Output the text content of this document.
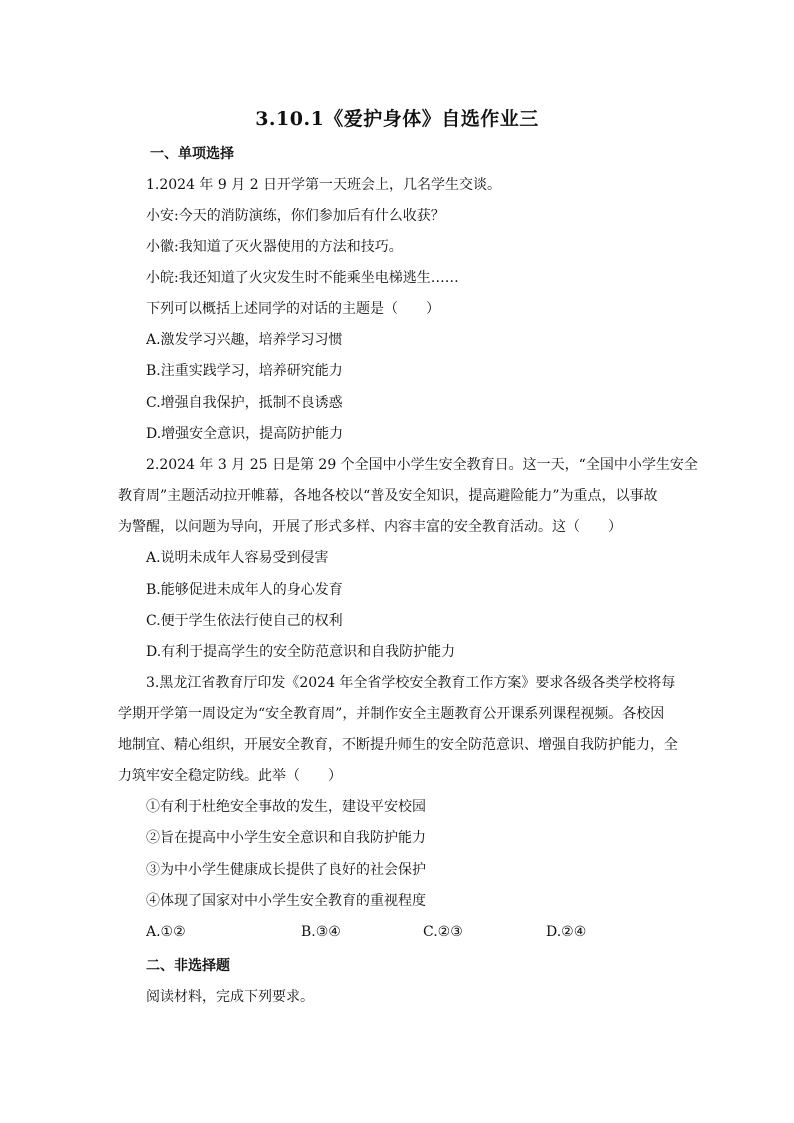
3.10.1《爱护身体》自选作业三
一、单项选择
1.2024 年 9 月 2 日开学第一天班会上，几名学生交谈。
小安:今天的消防演练，你们参加后有什么收获？
小徽:我知道了灭火器使用的方法和技巧。
小皖:我还知道了火灾发生时不能乘坐电梯逃生……
下列可以概括上述同学的对话的主题是（　　）
A.激发学习兴趣，培养学习习惯
B.注重实践学习，培养研究能力
C.增强自我保护，抵制不良诱惑
D.增强安全意识，提高防护能力
2.2024 年 3 月 25 日是第 29 个全国中小学生安全教育日。这一天，“全国中小学生安全
教育周”主题活动拉开帷幕，各地各校以“普及安全知识，提高避险能力”为重点，以事故
为警醒，以问题为导向，开展了形式多样、内容丰富的安全教育活动。这（　　）
A.说明未成年人容易受到侵害
B.能够促进未成年人的身心发育
C.便于学生依法行使自己的权利
D.有利于提高学生的安全防范意识和自我防护能力
3.黑龙江省教育厅印发《2024 年全省学校安全教育工作方案》要求各级各类学校将每
学期开学第一周设定为“安全教育周”，并制作安全主题教育公开课系列课程视频。各校因
地制宜、精心组织，开展安全教育，不断提升师生的安全防范意识、增强自我防护能力，全
力筑牢安全稳定防线。此举（　　）
①有利于杜绝安全事故的发生，建设平安校园
②旨在提高中小学生安全意识和自我防护能力
③为中小学生健康成长提供了良好的社会保护
④体现了国家对中小学生安全教育的重视程度
A.①②	B.③④	C.②③	D.②④
二、非选择题
阅读材料，完成下列要求。
